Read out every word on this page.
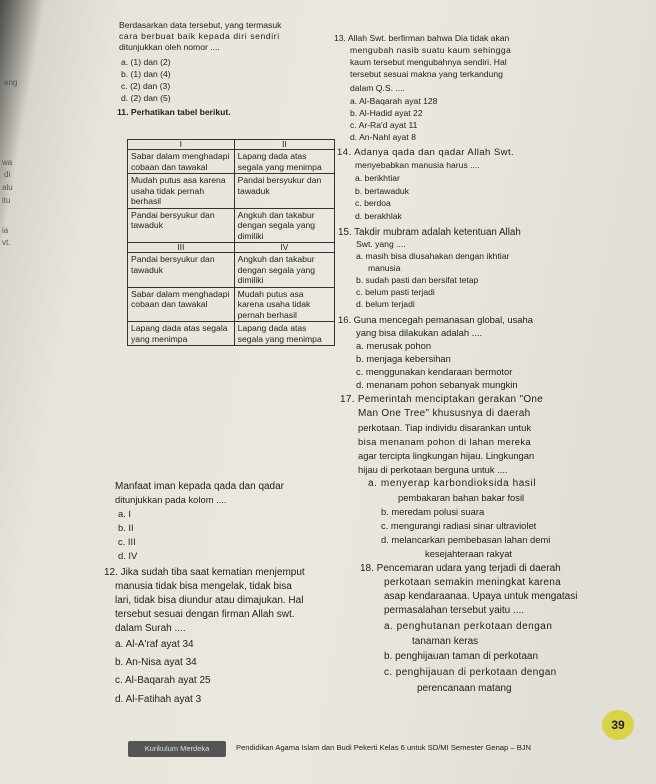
ang
wa
di
alu
itu
ia
vt.
Berdasarkan data tersebut, yang termasuk
cara berbuat baik kepada diri sendiri
ditunjukkan oleh nomor ....
a. (1) dan (2)
b. (1) dan (4)
c. (2) dan (3)
d. (2) dan (5)
11. Perhatikan tabel berikut.
I	II
Sabar dalam menghadapi cobaan dan tawakal	Lapang dada atas segala yang menimpa
Mudah putus asa karena usaha tidak pernah berhasil	Pandai bersyukur dan tawaduk
Pandai bersyukur dan tawaduk	Angkuh dan takabur dengan segala yang dimiliki
III	IV
Pandai bersyukur dan tawaduk	Angkuh dan takabur dengan segala yang dimiliki
Sabar dalam menghadapi cobaan dan tawakal	Mudah putus asa karena usaha tidak pernah berhasil
Lapang dada atas segala yang menimpa	Lapang dada atas segala yang menimpa
Manfaat iman kepada qada dan qadar
ditunjukkan pada kolom ....
a. I
b. II
c. III
d. IV
12. Jika sudah tiba saat kematian menjemput
manusia tidak bisa mengelak, tidak bisa
lari, tidak bisa diundur atau dimajukan. Hal
tersebut sesuai dengan firman Allah swt.
dalam Surah ....
a. Al-A'raf ayat 34
b. An-Nisa ayat 34
c. Al-Baqarah ayat 25
d. Al-Fatihah ayat 3
13. Allah Swt. berfirman bahwa Dia tidak akan
mengubah nasib suatu kaum sehingga
kaum tersebut mengubahnya sendiri. Hal
tersebut sesuai makna yang terkandung
dalam Q.S. ....
a. Al-Baqarah ayat 128
b. Al-Hadid ayat 22
c. Ar-Ra'd ayat 11
d. An-Nahl ayat 8
14. Adanya qada dan qadar Allah Swt.
menyebabkan manusia harus ....
a. berikhtiar
b. bertawaduk
c. berdoa
d. berakhlak
15. Takdir mubram adalah ketentuan Allah
Swt. yang ....
a. masih bisa diusahakan dengan ikhtiar
manusia
b. sudah pasti dan bersifat tetap
c. belum pasti terjadi
d. belum terjadi
16. Guna mencegah pemanasan global, usaha
yang bisa dilakukan adalah ....
a. merusak pohon
b. menjaga kebersihan
c. menggunakan kendaraan bermotor
d. menanam pohon sebanyak mungkin
17. Pemerintah menciptakan gerakan "One
Man One Tree" khususnya di daerah
perkotaan. Tiap individu disarankan untuk
bisa menanam pohon di lahan mereka
agar tercipta lingkungan hijau. Lingkungan
hijau di perkotaan berguna untuk ....
a. menyerap karbondioksida hasil
pembakaran bahan bakar fosil
b. meredam polusi suara
c. mengurangi radiasi sinar ultraviolet
d. melancarkan pembebasan lahan demi
kesejahteraan rakyat
18. Pencemaran udara yang terjadi di daerah
perkotaan semakin meningkat karena
asap kendaraanaa. Upaya untuk mengatasi
permasalahan tersebut yaitu ....
a. penghutanan perkotaan dengan
tanaman keras
b. penghijauan taman di perkotaan
c. penghijauan di perkotaan dengan
perencanaan matang
Kurikulum Merdeka	Pendidikan Agama Islam dan Budi Pekerti Kelas 6 untuk SD/MI Semester Genap – BJN
39
